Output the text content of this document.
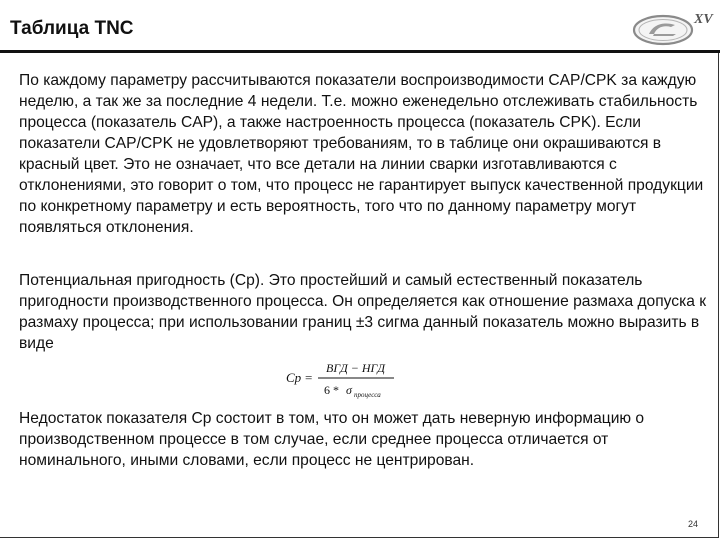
Таблица TNC	XV

По каждому параметру рассчитываются показатели воспроизводимости CAP/CPK за каждую неделю, а так же за последние 4 недели. Т.е. можно еженедельно отслеживать стабильность процесса (показатель CAP), а также настроенность процесса (показатель CPK). Если показатели CAP/CPK не удовлетворяют требованиям, то в таблице они окрашиваются в красный цвет. Это не означает, что все детали на линии сварки изготавливаются с отклонениями, это говорит о том, что процесс не гарантирует выпуск качественной продукции по конкретному параметру и есть вероятность, того что по данному параметру могут появляться отклонения.

Потенциальная пригодность (Cp). Это простейший и самый естественный показатель пригодности производственного процесса. Он определяется как отношение размаха допуска к размаху процесса; при использовании границ ±3 сигма данный показатель можно выразить в виде

Cp =
ВГД − НГД
6 * σ процесса

Недостаток показателя Cp состоит в том, что он может дать неверную информацию о производственном процессе в том случае, если среднее процесса отличается от номинального, иными словами, если процесс не центрирован.

24
